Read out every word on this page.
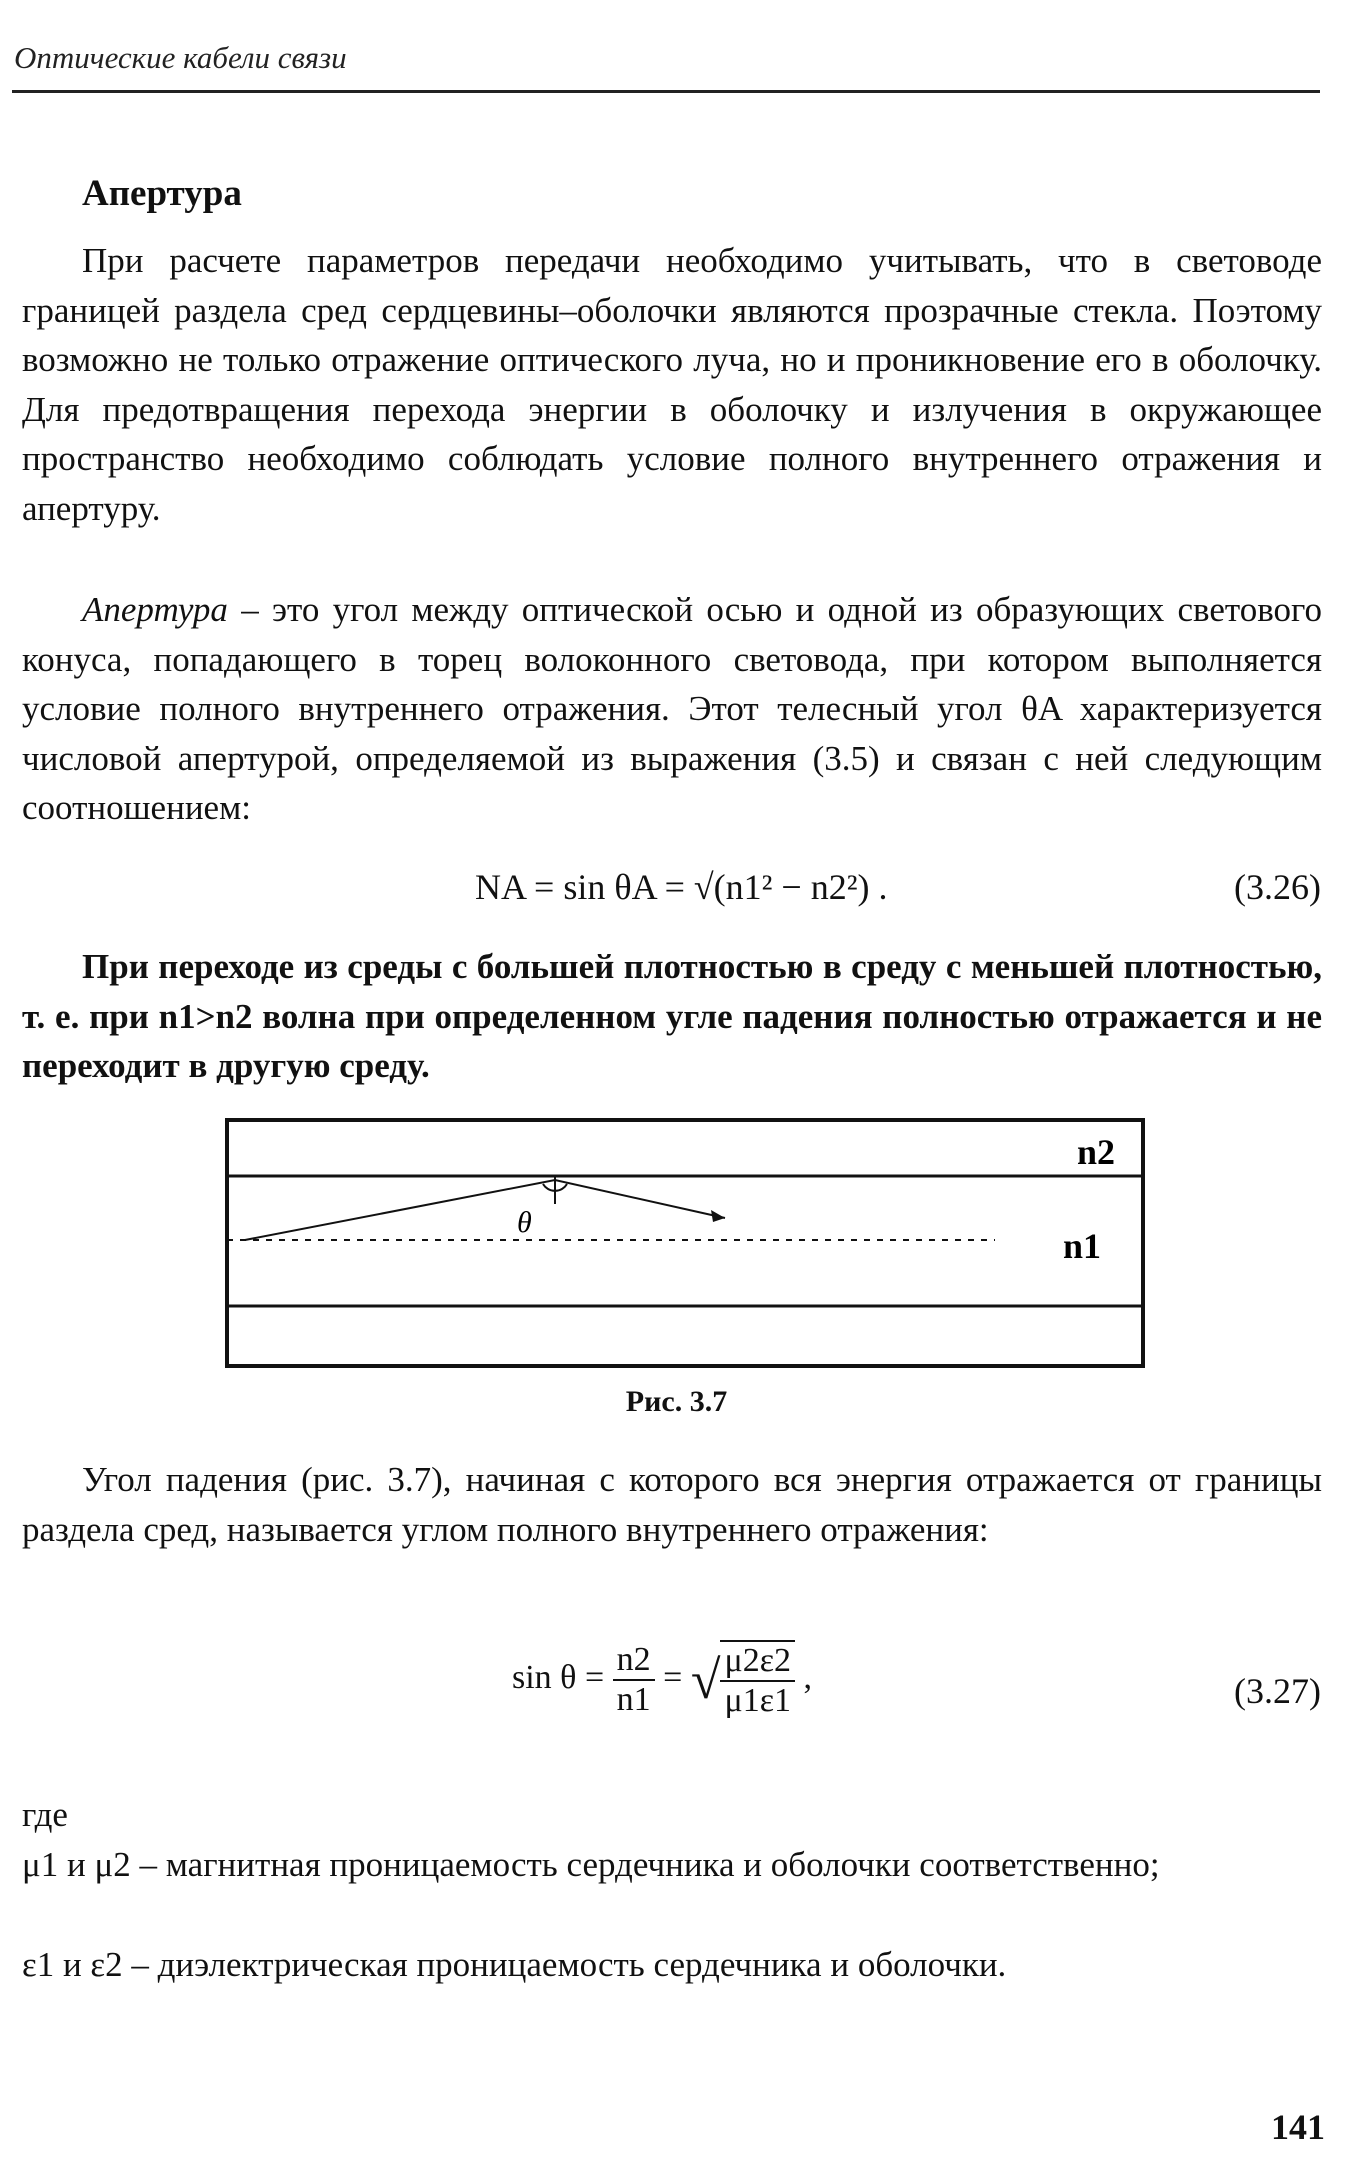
Оптические кабели связи
Апертура
При расчете параметров передачи необходимо учитывать, что в световоде границей раздела сред сердцевины–оболочки являются прозрачные стекла. Поэтому возможно не только отражение оптического луча, но и проникновение его в оболочку. Для предотвращения перехода энергии в оболочку и излучения в окружающее пространство необходимо соблюдать условие полного внутреннего отражения и апертуру.
Апертура – это угол между оптической осью и одной из образующих светового конуса, попадающего в торец волоконного световода, при котором выполняется условие полного внутреннего отражения. Этот телесный угол θA характеризуется числовой апертурой, определяемой из выражения (3.5) и связан с ней следующим соотношением:
NA = sin θA = √(n1² − n2²) .	(3.26)
При переходе из среды с большей плотностью в среду с меньшей плотностью, т. е. при n1>n2 волна при определенном угле падения полностью отражается и не переходит в другую среду.
θ
n2
n1
Рис. 3.7
Угол падения (рис. 3.7), начиная с которого вся энергия отражается от границы раздела сред, называется углом полного внутреннего отражения:
$\sin \theta = \frac{n2}{n1}$ = √ $\frac{\mu 2\varepsilon 2}{\mu 1\varepsilon 1}$ ,	(3.27)
где
μ1 и μ2 – магнитная проницаемость сердечника и оболочки соответственно;
ε1 и ε2 – диэлектрическая проницаемость сердечника и оболочки.
141
